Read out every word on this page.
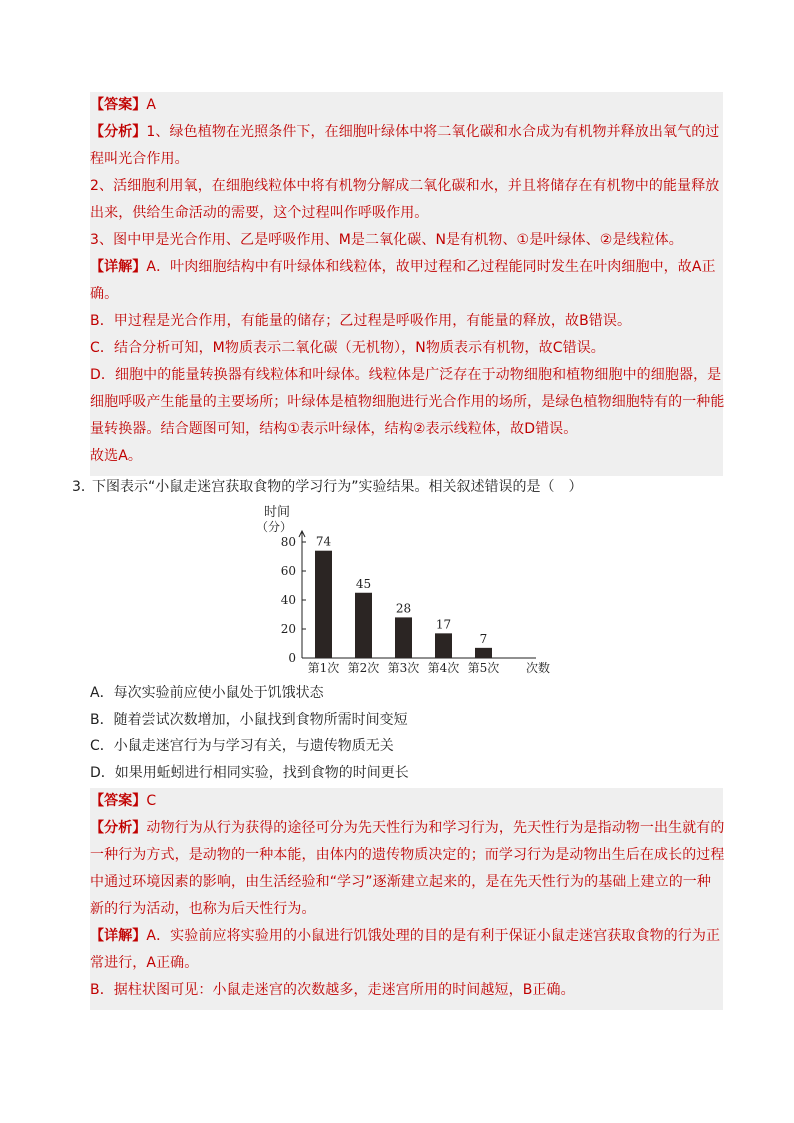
【答案】A
【分析】1、绿色植物在光照条件下，在细胞叶绿体中将二氧化碳和水合成为有机物并释放出氧气的过
程叫光合作用。
2、活细胞利用氧，在细胞线粒体中将有机物分解成二氧化碳和水，并且将储存在有机物中的能量释放
出来，供给生命活动的需要，这个过程叫作呼吸作用。
3、图中甲是光合作用、乙是呼吸作用、M是二氧化碳、N是有机物、①是叶绿体、②是线粒体。
【详解】A．叶肉细胞结构中有叶绿体和线粒体，故甲过程和乙过程能同时发生在叶肉细胞中，故A正
确。
B．甲过程是光合作用，有能量的储存；乙过程是呼吸作用，有能量的释放，故B错误。
C．结合分析可知，M物质表示二氧化碳（无机物），N物质表示有机物，故C错误。
D．细胞中的能量转换器有线粒体和叶绿体。线粒体是广泛存在于动物细胞和植物细胞中的细胞器，是
细胞呼吸产生能量的主要场所；叶绿体是植物细胞进行光合作用的场所，是绿色植物细胞特有的一种能
量转换器。结合题图可知，结构①表示叶绿体，结构②表示线粒体，故D错误。
故选A。
3．
下图表示“小鼠走迷宫获取食物的学习行为”实验结果。相关叙述错误的是（　）
时间
（分）
0
20
40
60
80 74
第1次
45
第2次
28
第3次
17
第4次
7
第5次 次数
A．每次实验前应使小鼠处于饥饿状态
B．随着尝试次数增加，小鼠找到食物所需时间变短
C．小鼠走迷宫行为与学习有关，与遗传物质无关
D．如果用蚯蚓进行相同实验，找到食物的时间更长
【答案】C
【分析】动物行为从行为获得的途径可分为先天性行为和学习行为，先天性行为是指动物一出生就有的
一种行为方式，是动物的一种本能，由体内的遗传物质决定的；而学习行为是动物出生后在成长的过程
中通过环境因素的影响，由生活经验和“学习”逐渐建立起来的，是在先天性行为的基础上建立的一种
新的行为活动，也称为后天性行为。
【详解】A．实验前应将实验用的小鼠进行饥饿处理的目的是有利于保证小鼠走迷宫获取食物的行为正
常进行，A正确。
B．据柱状图可见：小鼠走迷宫的次数越多，走迷宫所用的时间越短，B正确。
